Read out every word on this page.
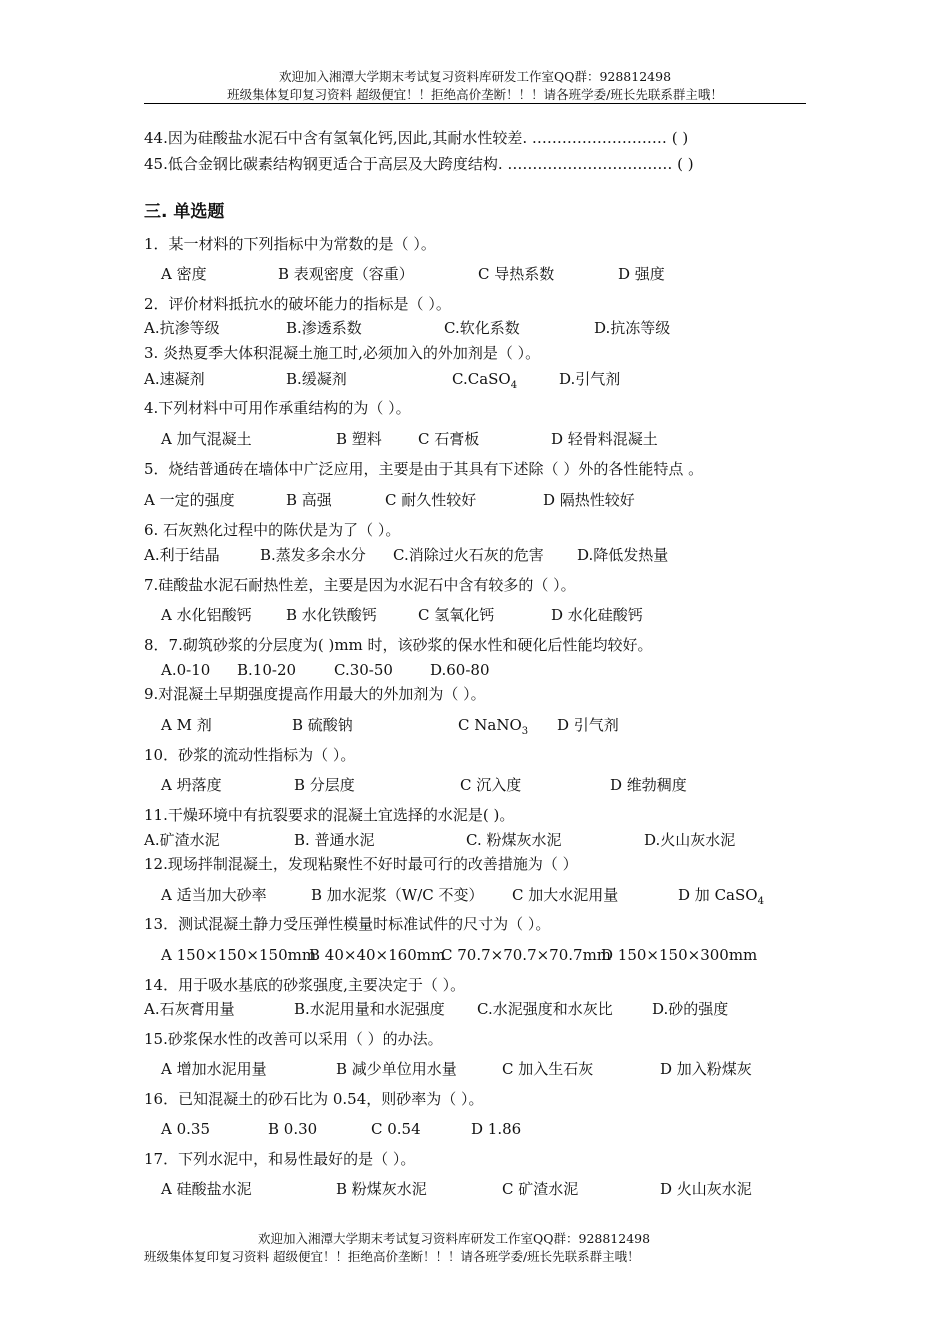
欢迎加入湘潭大学期末考试复习资料库研发工作室QQ群：928812498
班级集体复印复习资料 超级便宜！！拒绝高价垄断！！！请各班学委/班长先联系群主哦！
44.因为硅酸盐水泥石中含有氢氧化钙,因此,其耐水性较差. ……………………… ( )
45.低合金钢比碳素结构钢更适合于高层及大跨度结构. …………………………… ( )
三. 单选题
1．某一材料的下列指标中为常数的是（ ）。
A 密度	B 表观密度（容重）	C 导热系数	D 强度
2．评价材料抵抗水的破坏能力的指标是（ ）。
A.抗渗等级	B.渗透系数	C.软化系数	D.抗冻等级
3. 炎热夏季大体积混凝土施工时,必须加入的外加剂是（ ）。
A.速凝剂	B.缓凝剂	C.CaSO$_4$	D.引气剂
4.下列材料中可用作承重结构的为（ ）。
A 加气混凝土	B 塑料 C 石膏板	D 轻骨料混凝土
5．烧结普通砖在墙体中广泛应用，主要是由于其具有下述除（ ）外的各性能特点 。
A 一定的强度	B 高强	C 耐久性较好	D 隔热性较好
6. 石灰熟化过程中的陈伏是为了（ ）。
A.利于结晶	B.蒸发多余水分 C.消除过火石灰的危害 D.降低发热量
7.硅酸盐水泥石耐热性差，主要是因为水泥石中含有较多的（ ）。
A 水化铝酸钙 B 水化铁酸钙	C 氢氧化钙	D 水化硅酸钙
8．7.砌筑砂浆的分层度为( )mm 时，该砂浆的保水性和硬化后性能均较好。
A.0-10 B.10-20	C.30-50 D.60-80
9.对混凝土早期强度提高作用最大的外加剂为（ ）。
A M 剂	B 硫酸钠	C NaNO$_3$ D 引气剂
10．砂浆的流动性指标为（ ）。
A 坍落度	B 分层度	C 沉入度	D 维勃稠度
11.干燥环境中有抗裂要求的混凝土宜选择的水泥是( )。
A.矿渣水泥	B. 普通水泥	C. 粉煤灰水泥	D.火山灰水泥
12.现场拌制混凝土，发现粘聚性不好时最可行的改善措施为（ ）
A 适当加大砂率	B 加水泥浆（W/C 不变） C 加大水泥用量	D 加 CaSO$_4$
13．测试混凝土静力受压弹性模量时标准试件的尺寸为（ ）。
A 150×150×150mm
B 40×40×160mm
C 70.7×70.7×70.7mm
D 150×150×300mm
14．用于吸水基底的砂浆强度,主要决定于（ ）。
A.石灰膏用量	B.水泥用量和水泥强度 C.水泥强度和水灰比	D.砂的强度
15.砂浆保水性的改善可以采用（ ）的办法。
A 增加水泥用量	B 减少单位用水量	C 加入生石灰	D 加入粉煤灰
16．已知混凝土的砂石比为 0.54，则砂率为（ ）。
A 0.35	B 0.30	C 0.54	D 1.86
17．下列水泥中，和易性最好的是（ ）。
A 硅酸盐水泥	B 粉煤灰水泥	C 矿渣水泥	D 火山灰水泥
欢迎加入湘潭大学期末考试复习资料库研发工作室QQ群：928812498
班级集体复印复习资料 超级便宜！！拒绝高价垄断！！！请各班学委/班长先联系群主哦！
